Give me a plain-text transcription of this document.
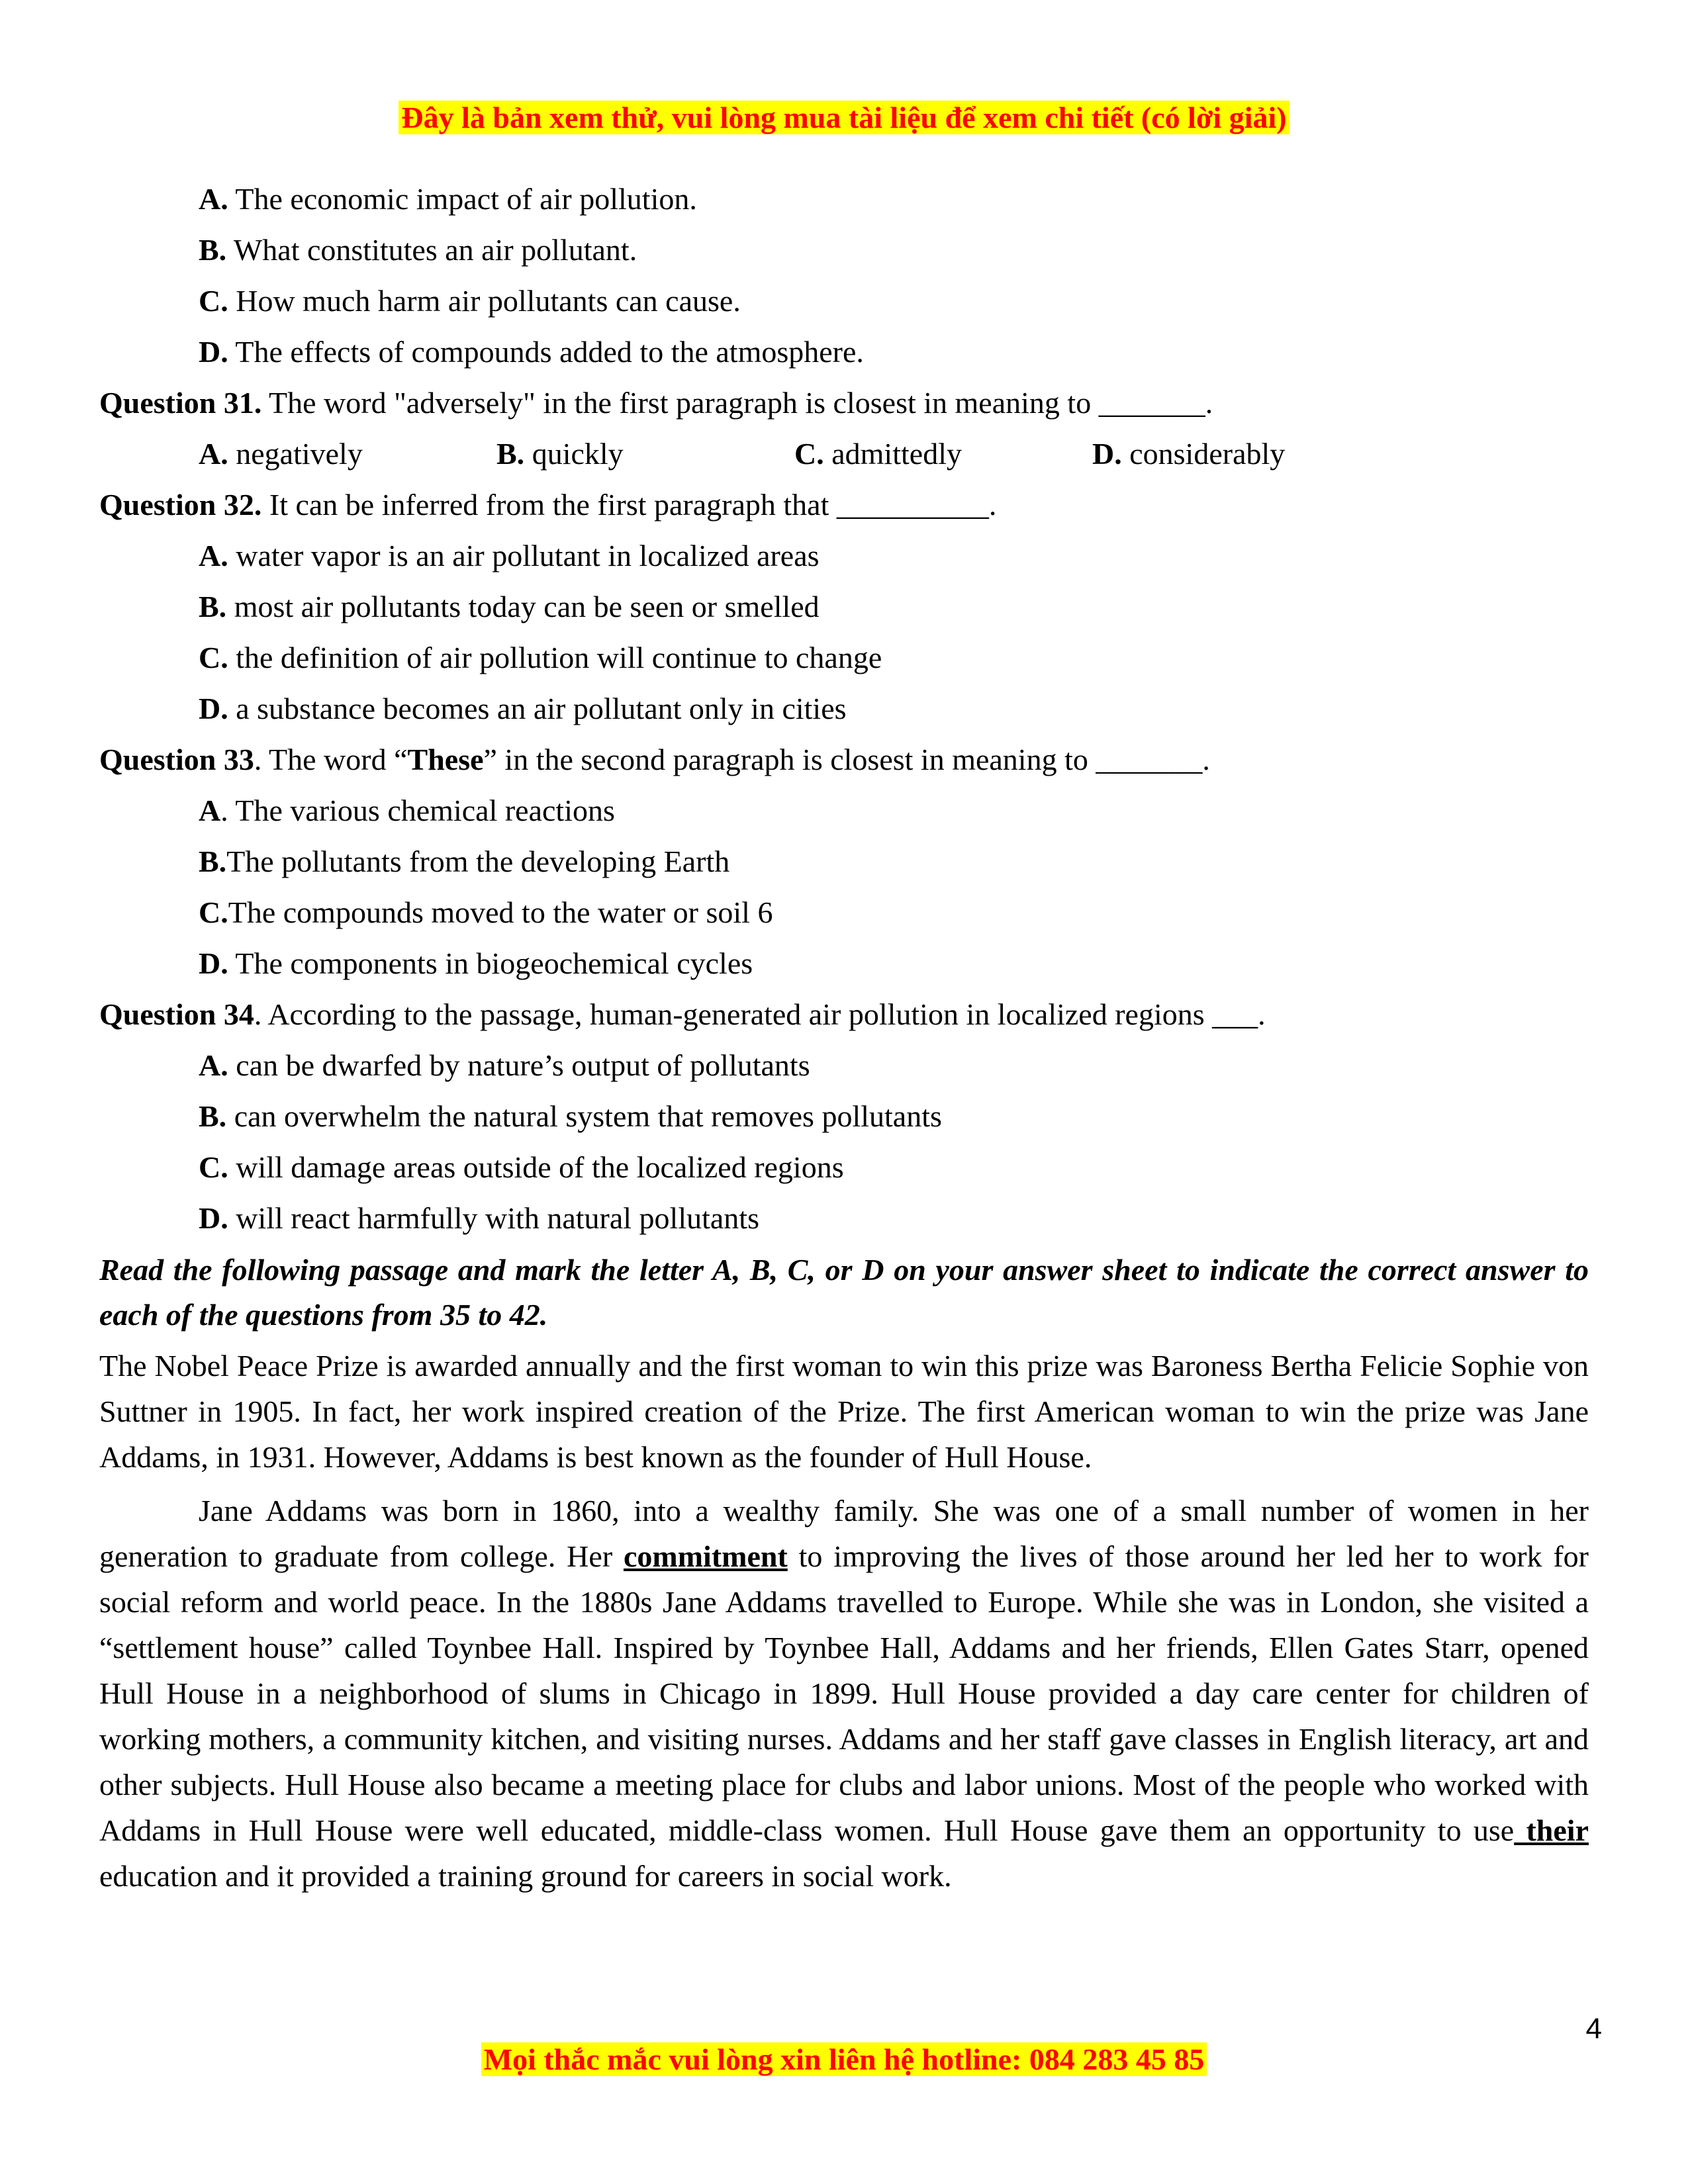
Đây là bản xem thử, vui lòng mua tài liệu để xem chi tiết (có lời giải)
A. The economic impact of air pollution.
B. What constitutes an air pollutant.
C. How much harm air pollutants can cause.
D. The effects of compounds added to the atmosphere.
Question 31. The word "adversely" in the first paragraph is closest in meaning to _______.
A. negatively	B. quickly	C. admittedly	D. considerably
Question 32. It can be inferred from the first paragraph that __________.
A. water vapor is an air pollutant in localized areas
B. most air pollutants today can be seen or smelled
C. the definition of air pollution will continue to change
D. a substance becomes an air pollutant only in cities
Question 33. The word “These” in the second paragraph is closest in meaning to _______.
A. The various chemical reactions
B.The pollutants from the developing Earth
C.The compounds moved to the water or soil 6
D. The components in biogeochemical cycles
Question 34. According to the passage, human-generated air pollution in localized regions ___.
A. can be dwarfed by nature’s output of pollutants
B. can overwhelm the natural system that removes pollutants
C. will damage areas outside of the localized regions
D. will react harmfully with natural pollutants
Read the following passage and mark the letter A, B, C, or D on your answer sheet to indicate the correct answer to each of the questions from 35 to 42.
The Nobel Peace Prize is awarded annually and the first woman to win this prize was Baroness Bertha Felicie Sophie von Suttner in 1905. In fact, her work inspired creation of the Prize. The first American woman to win the prize was Jane Addams, in 1931. However, Addams is best known as the founder of Hull House.
Jane Addams was born in 1860, into a wealthy family. She was one of a small number of women in her generation to graduate from college. Her commitment to improving the lives of those around her led her to work for social reform and world peace. In the 1880s Jane Addams travelled to Europe. While she was in London, she visited a “settlement house” called Toynbee Hall. Inspired by Toynbee Hall, Addams and her friends, Ellen Gates Starr, opened Hull House in a neighborhood of slums in Chicago in 1899. Hull House provided a day care center for children of working mothers, a community kitchen, and visiting nurses. Addams and her staff gave classes in English literacy, art and other subjects. Hull House also became a meeting place for clubs and labor unions. Most of the people who worked with Addams in Hull House were well educated, middle-class women. Hull House gave them an opportunity to use their education and it provided a training ground for careers in social work.
4
Mọi thắc mắc vui lòng xin liên hệ hotline: 084 283 45 85
